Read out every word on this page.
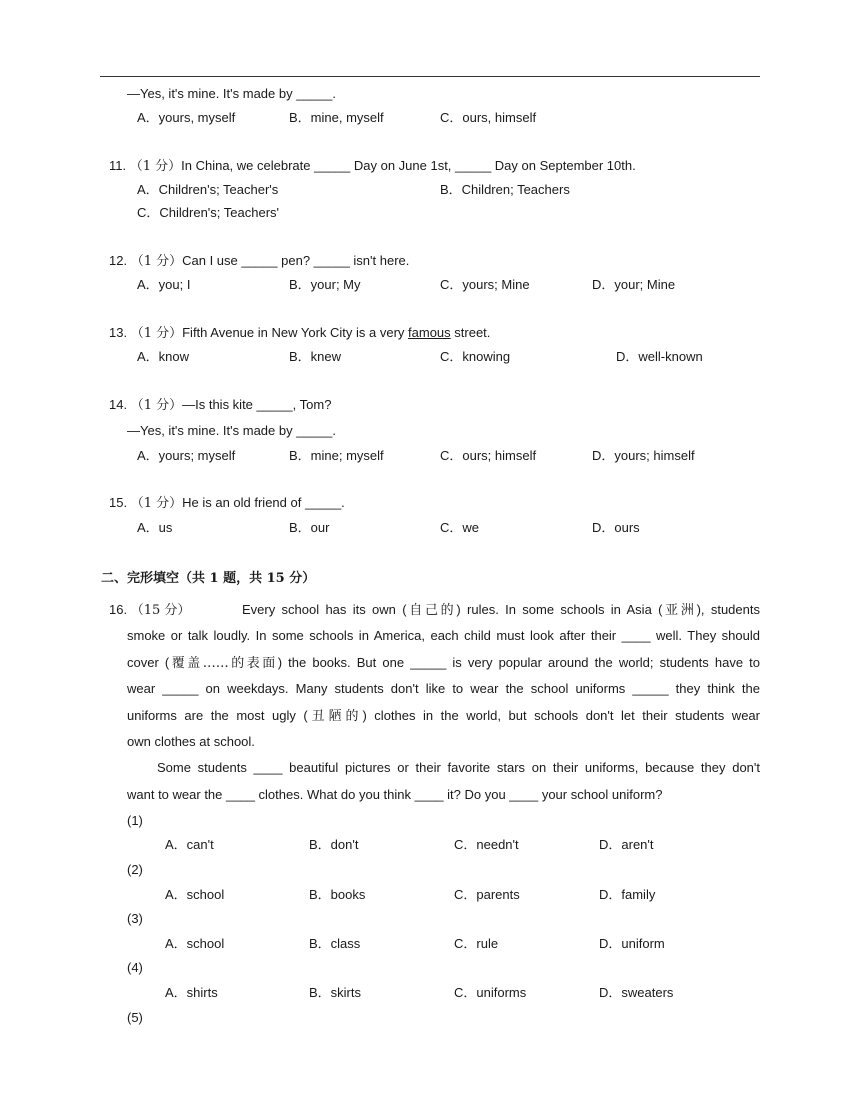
—Yes, it's mine. It's made by _____.
A．yours, myself	B．mine, myself	C．ours, himself
11. （1 分）In China, we celebrate _____ Day on June 1st, _____ Day on September 10th.
A．Children's; Teacher's	B．Children; Teachers
C．Children's; Teachers'
12. （1 分）Can I use _____ pen? _____ isn't here.
A．you; I	B．your; My	C．yours; Mine	D．your; Mine
13. （1 分）Fifth Avenue in New York City is a very famous street.
A．know	B．knew	C．knowing	D．well-known
14. （1 分）—Is this kite _____, Tom?
—Yes, it's mine. It's made by _____.
A．yours; myself	B．mine; myself	C．ours; himself	D．yours; himself
15. （1 分）He is an old friend of _____.
A．us	B．our	C．we	D．ours
二、完形填空（共 1 题，共 15 分）
16. （15 分）	Every school has its own (自己的) rules. In some schools in Asia (亚洲), students
smoke or talk loudly. In some schools in America, each child must look after their ____ well. They should
cover (覆盖……的表面) the books. But one _____ is very popular around the world; students have to
wear _____ on weekdays. Many students don't like to wear the school uniforms _____ they think the
uniforms are the most ugly (丑陋的) clothes in the world, but schools don't let their students wear
own clothes at school.
Some students ____ beautiful pictures or their favorite stars on their uniforms, because they don't
want to wear the ____ clothes. What do you think ____ it? Do you ____ your school uniform?
(1)
A．can't	B．don't	C．needn't	D．aren't
(2)
A．school	B．books	C．parents	D．family
(3)
A．school	B．class	C．rule	D．uniform
(4)
A．shirts	B．skirts	C．uniforms	D．sweaters
(5)
